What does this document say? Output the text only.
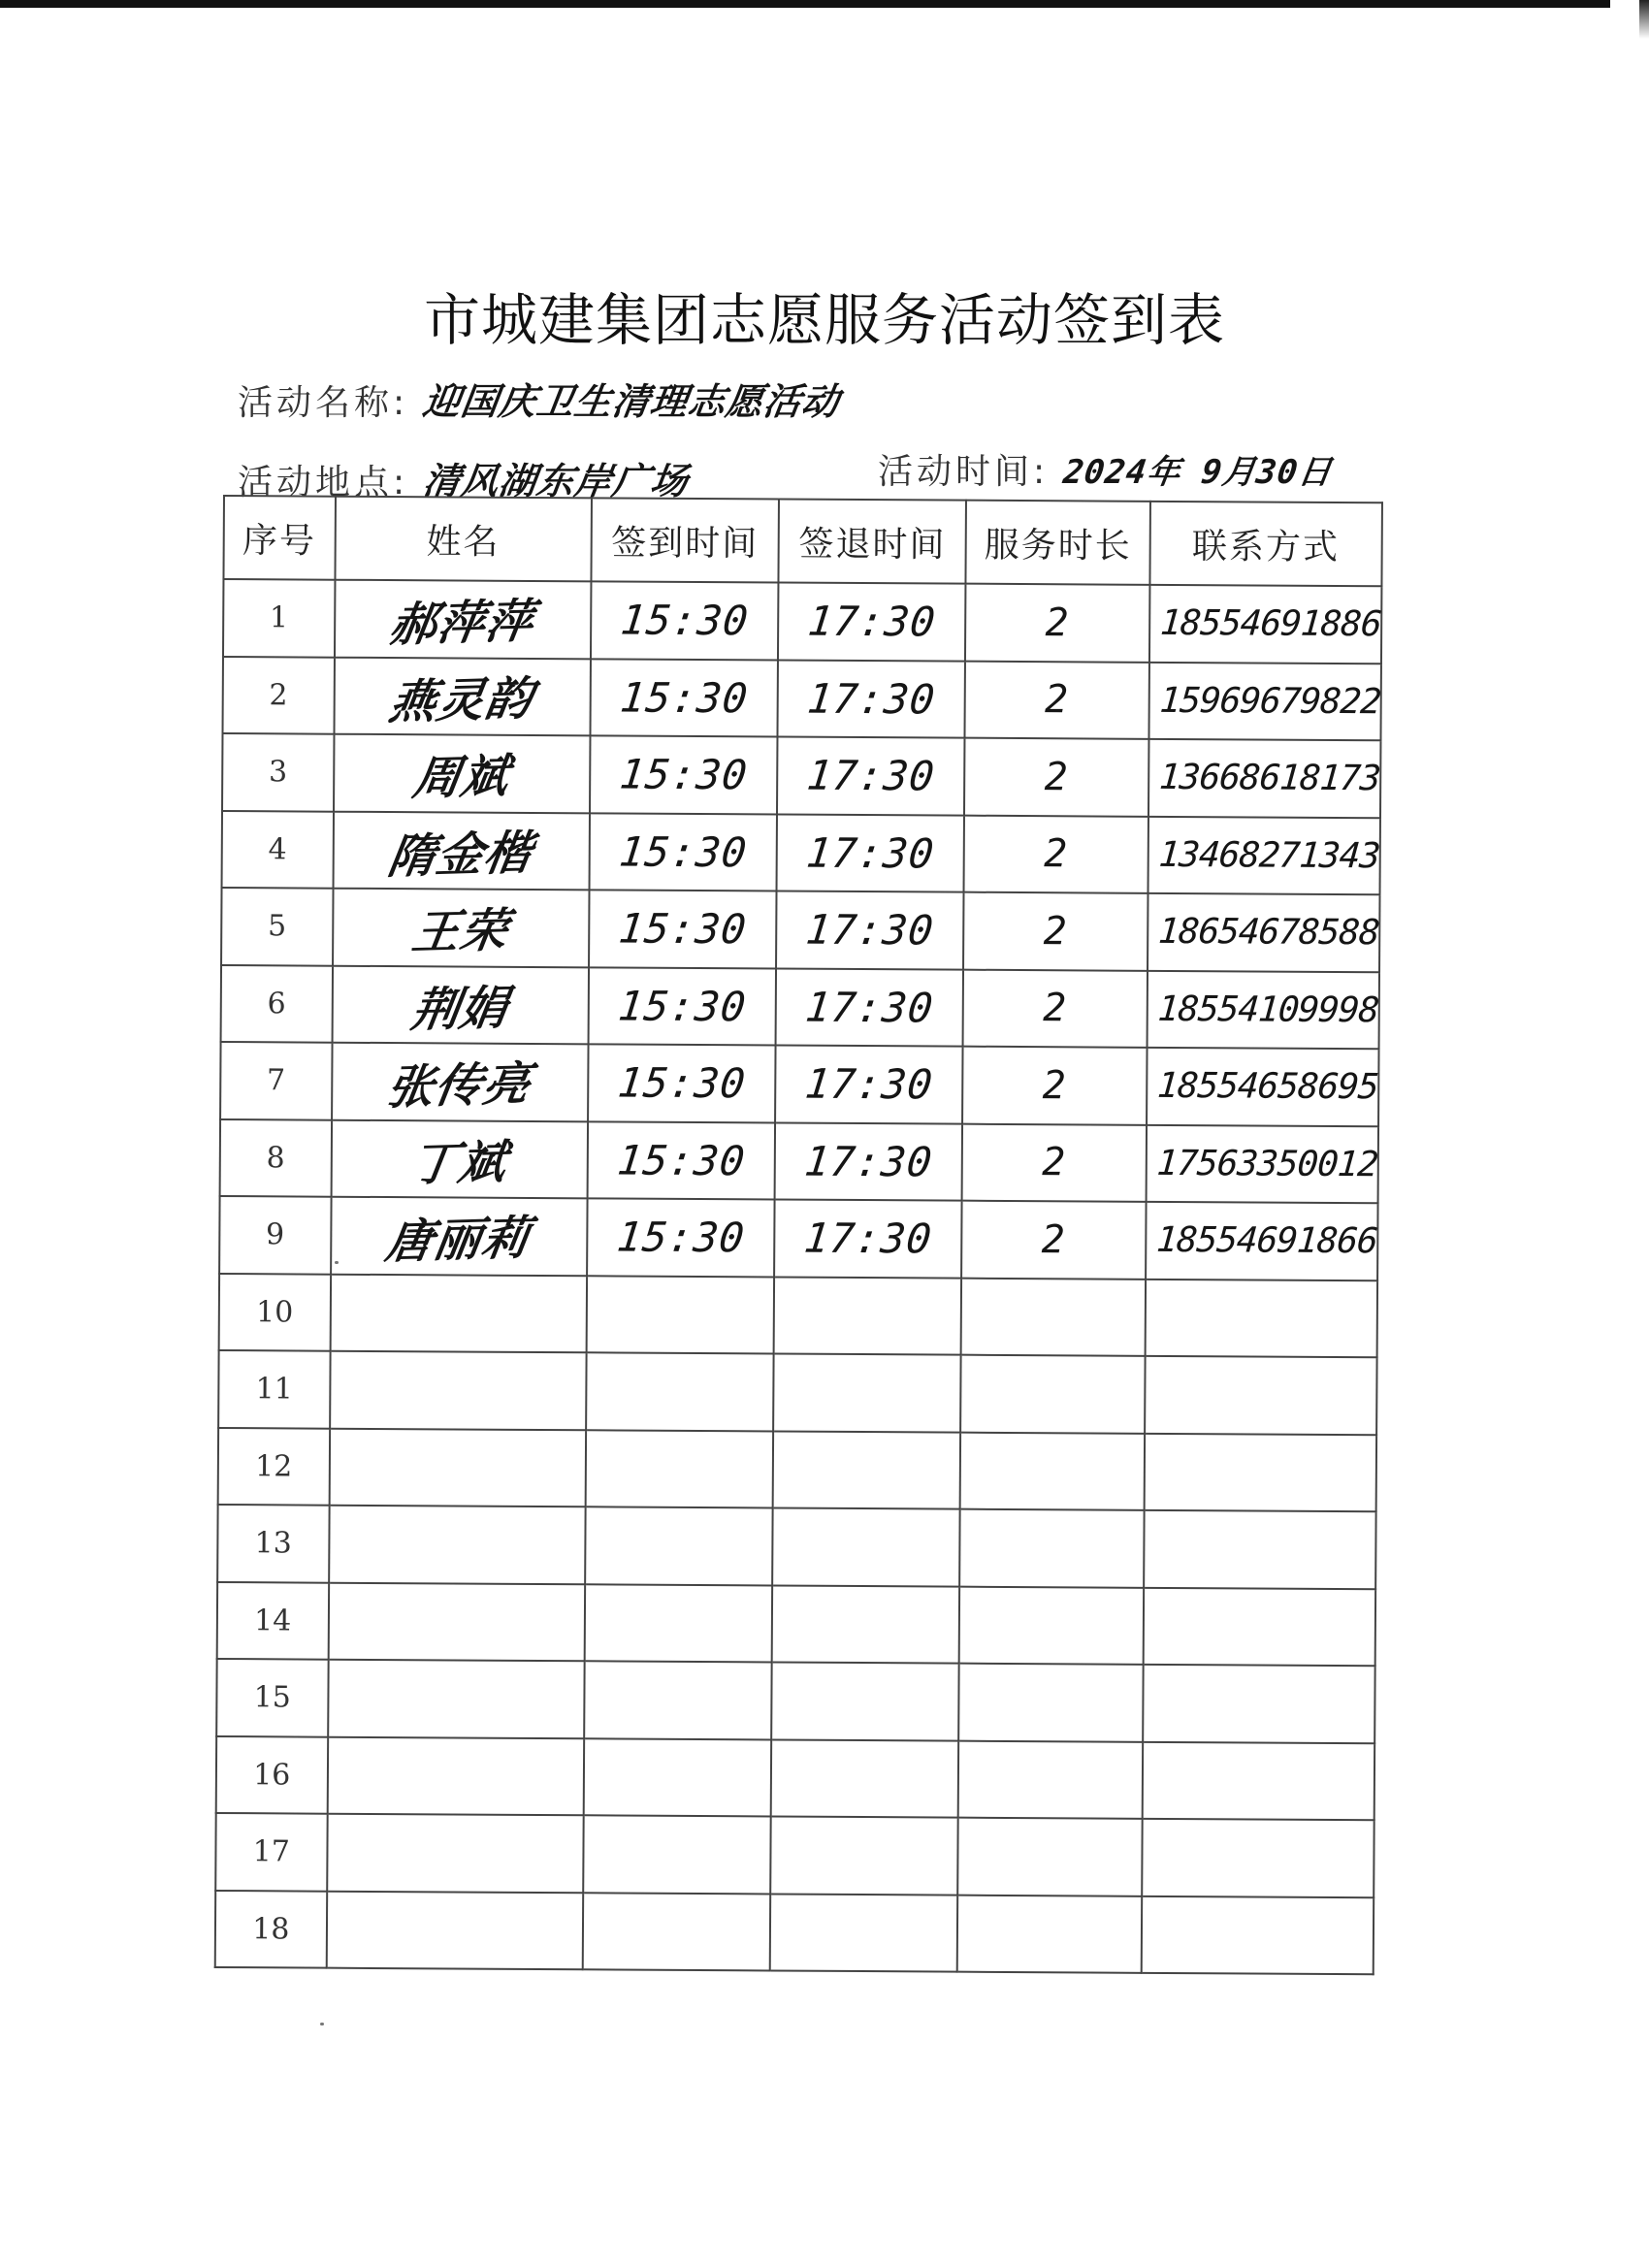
市城建集团志愿服务活动签到表
活动名称: 迎国庆卫生清理志愿活动
活动地点: 清风湖东岸广场	活动时间: 2024年 9月30日
序号	姓名	签到时间	签退时间	服务时长	联系方式
1	郝萍萍	15:30	17:30	2	18554691886
2	燕灵韵	15:30	17:30	2	15969679822
3	周斌	15:30	17:30	2	13668618173
4	隋金楷	15:30	17:30	2	13468271343
5	王荣	15:30	17:30	2	18654678588
6	荆娟	15:30	17:30	2	18554109998
7	张传亮	15:30	17:30	2	18554658695
8	丁斌	15:30	17:30	2	17563350012
9	唐丽莉	15:30	17:30	2	18554691866
10					
11					
12					
13					
14					
15					
16					
17					
18					
